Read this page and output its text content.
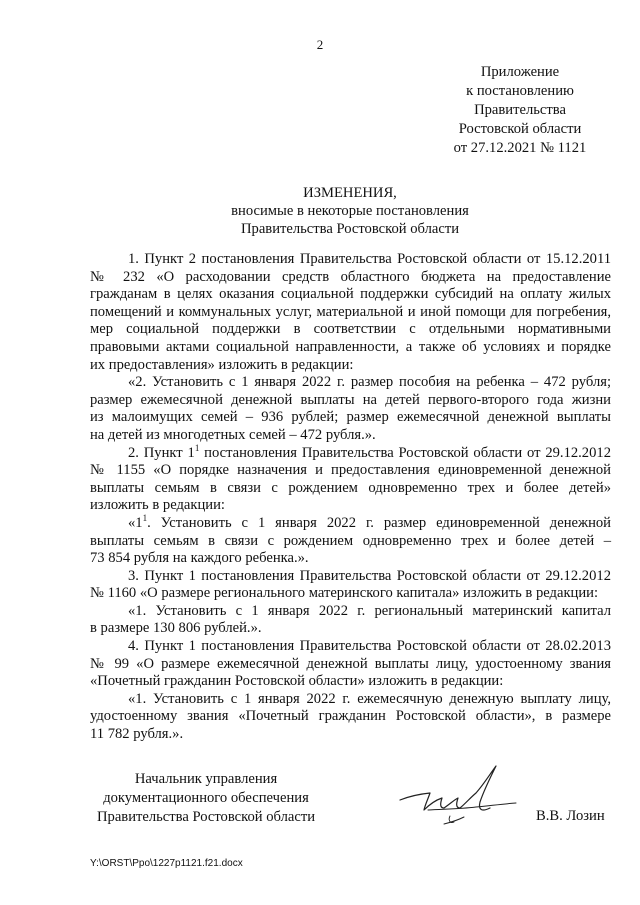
2
Приложение
к постановлению
Правительства
Ростовской области
от 27.12.2021 № 1121
ИЗМЕНЕНИЯ,
вносимые в некоторые постановления
Правительства Ростовской области
1. Пункт 2 постановления Правительства Ростовской области от 15.12.2011
№ 232 «О расходовании средств областного бюджета на предоставление
гражданам в целях оказания социальной поддержки субсидий на оплату жилых
помещений и коммунальных услуг, материальной и иной помощи для погребения,
мер социальной поддержки в соответствии с отдельными нормативными
правовыми актами социальной направленности, а также об условиях и порядке
их предоставления» изложить в редакции:
«2. Установить с 1 января 2022 г. размер пособия на ребенка – 472 рубля;
размер ежемесячной денежной выплаты на детей первого-второго года жизни
из малоимущих семей – 936 рублей; размер ежемесячной денежной выплаты
на детей из многодетных семей – 472 рубля.».
2. Пункт $1^1$ постановления Правительства Ростовской области от 29.12.2012
№ 1155 «О порядке назначения и предоставления единовременной денежной
выплаты семьям в связи с рождением одновременно трех и более детей»
изложить в редакции:
«$1^1$. Установить с 1 января 2022 г. размер единовременной денежной
выплаты семьям в связи с рождением одновременно трех и более детей –
73 854 рубля на каждого ребенка.».
3. Пункт 1 постановления Правительства Ростовской области от 29.12.2012
№ 1160 «О размере регионального материнского капитала» изложить в редакции:
«1. Установить с 1 января 2022 г. региональный материнский капитал
в размере 130 806 рублей.».
4. Пункт 1 постановления Правительства Ростовской области от 28.02.2013
№ 99 «О размере ежемесячной денежной выплаты лицу, удостоенному звания
«Почетный гражданин Ростовской области» изложить в редакции:
«1. Установить с 1 января 2022 г. ежемесячную денежную выплату лицу,
удостоенному звания «Почетный гражданин Ростовской области», в размере
11 782 рубля.».
Начальник управления
документационного обеспечения
Правительства Ростовской области	В.В. Лозин
Y:\ORST\Ppo\1227p1121.f21.docx
